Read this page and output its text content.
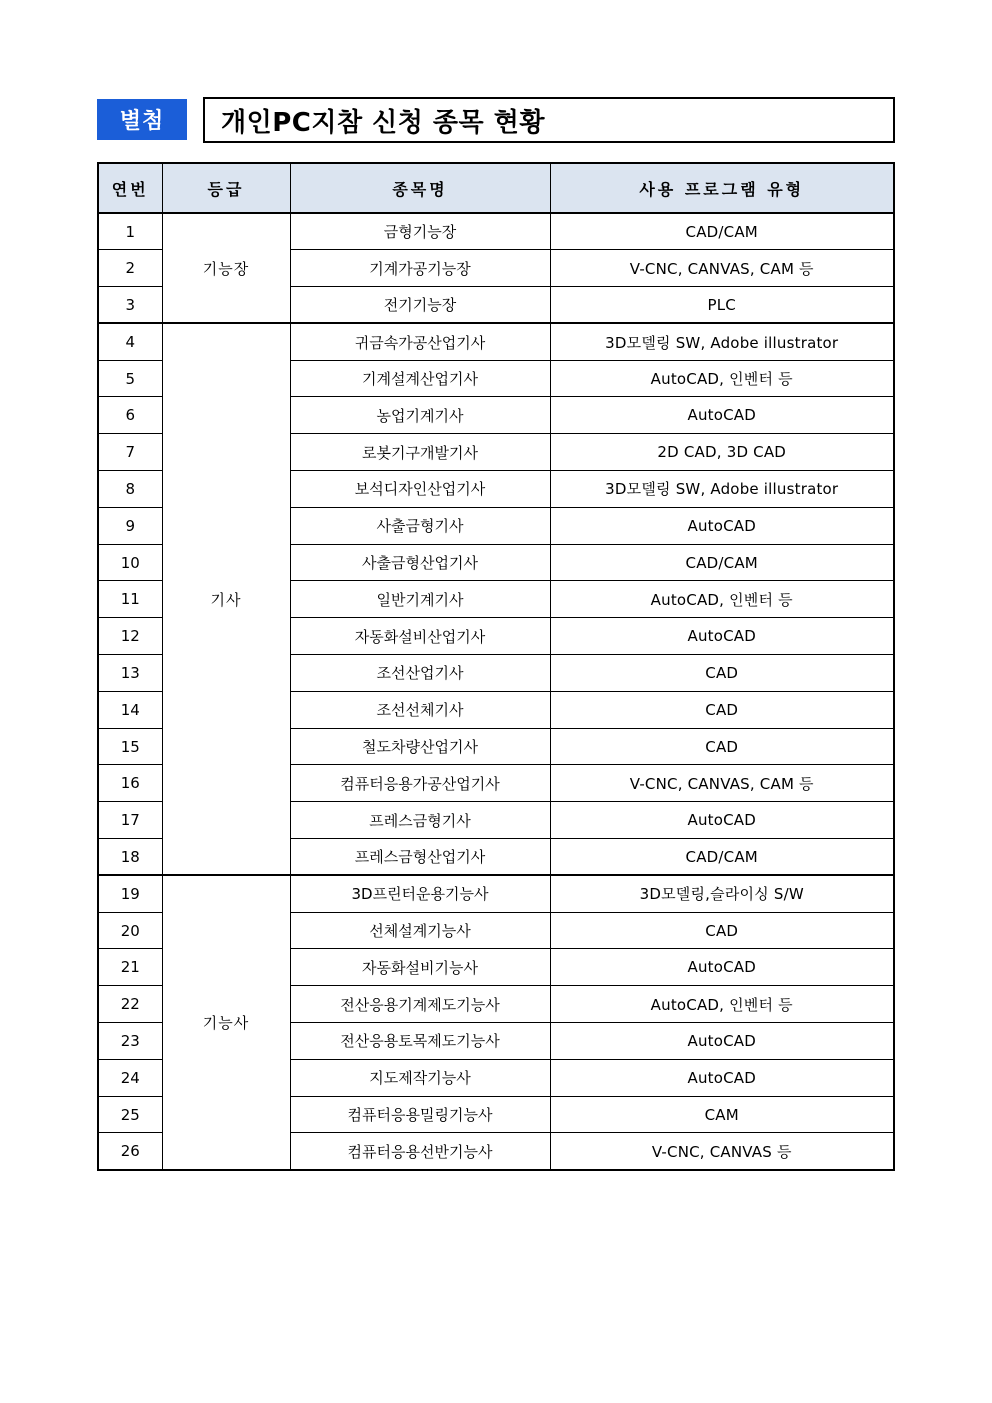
별첨	개인PC지참 신청 종목 현황
연번	등급	종목명	사용 프로그램 유형
1	기능장	금형기능장	CAD/CAM
2		기계가공기능장	V-CNC, CANVAS, CAM 등
3		전기기능장	PLC
4	기사	귀금속가공산업기사	3D모델링 SW, Adobe illustrator
5		기계설계산업기사	AutoCAD, 인벤터 등
6		농업기계기사	AutoCAD
7		로봇기구개발기사	2D CAD, 3D CAD
8		보석디자인산업기사	3D모델링 SW, Adobe illustrator
9		사출금형기사	AutoCAD
10		사출금형산업기사	CAD/CAM
11		일반기계기사	AutoCAD, 인벤터 등
12		자동화설비산업기사	AutoCAD
13		조선산업기사	CAD
14		조선선체기사	CAD
15		철도차량산업기사	CAD
16		컴퓨터응용가공산업기사	V-CNC, CANVAS, CAM 등
17		프레스금형기사	AutoCAD
18		프레스금형산업기사	CAD/CAM
19	기능사	3D프린터운용기능사	3D모델링,슬라이싱 S/W
20		선체설계기능사	CAD
21		자동화설비기능사	AutoCAD
22		전산응용기계제도기능사	AutoCAD, 인벤터 등
23		전산응용토목제도기능사	AutoCAD
24		지도제작기능사	AutoCAD
25		컴퓨터응용밀링기능사	CAM
26		컴퓨터응용선반기능사	V-CNC, CANVAS 등
